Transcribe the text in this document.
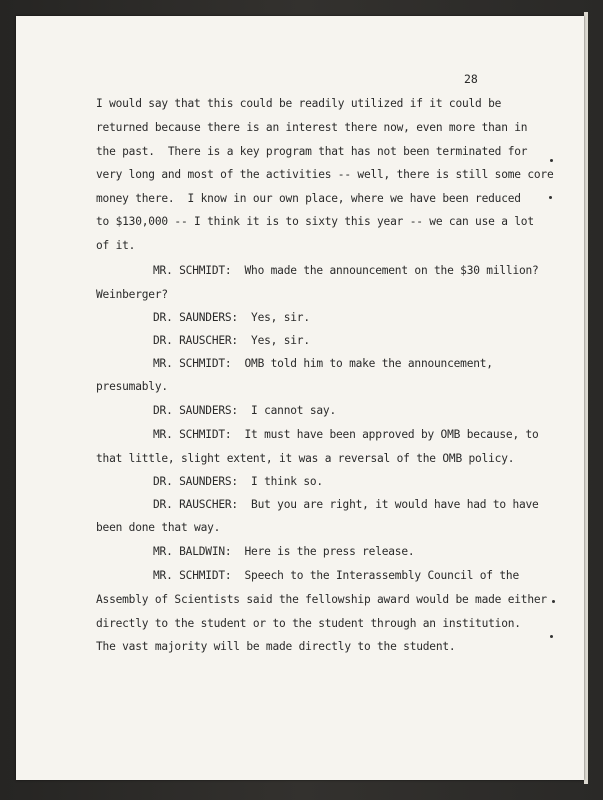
28
I would say that this could be readily utilized if it could be
returned because there is an interest there now, even more than in
the past.  There is a key program that has not been terminated for
very long and most of the activities -- well, there is still some core
money there.  I know in our own place, where we have been reduced
to $130,000 -- I think it is to sixty this year -- we can use a lot
of it.
MR. SCHMIDT:  Who made the announcement on the $30 million?
Weinberger?
DR. SAUNDERS:  Yes, sir.
DR. RAUSCHER:  Yes, sir.
MR. SCHMIDT:  OMB told him to make the announcement,
presumably.
DR. SAUNDERS:  I cannot say.
MR. SCHMIDT:  It must have been approved by OMB because, to
that little, slight extent, it was a reversal of the OMB policy.
DR. SAUNDERS:  I think so.
DR. RAUSCHER:  But you are right, it would have had to have
been done that way.
MR. BALDWIN:  Here is the press release.
MR. SCHMIDT:  Speech to the Interassembly Council of the
Assembly of Scientists said the fellowship award would be made either
directly to the student or to the student through an institution.
The vast majority will be made directly to the student.
